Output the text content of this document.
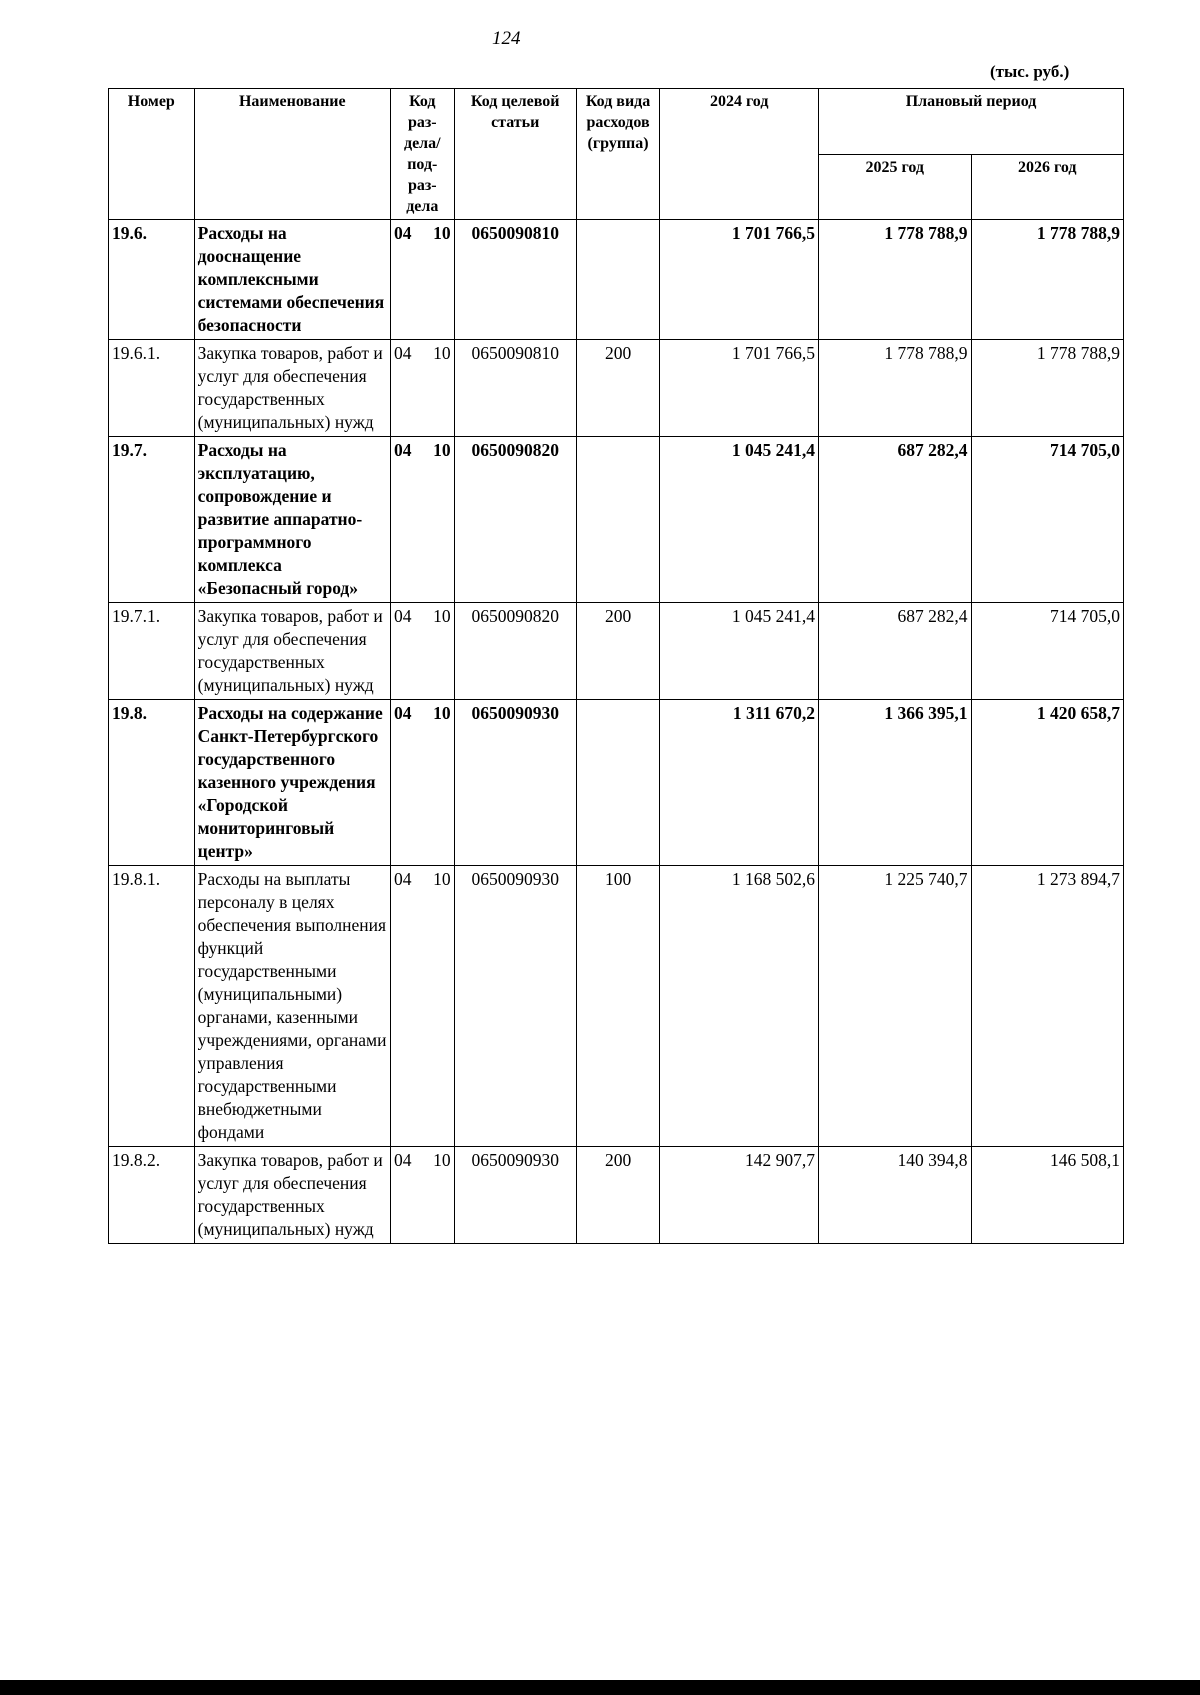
124
(тыс. руб.)
Номер	Наименование	Код раз-дела/ под-раз-дела	Код целевой статьи	Код вида расходов (группа)	2024 год	Плановый период	
						2025 год	2026 год
19.6.	Расходы на дооснащение комплексными системами обеспечения безопасности	04 10	0650090810		1 701 766,5	1 778 788,9	1 778 788,9
19.6.1.	Закупка товаров, работ и услуг для обеспечения государственных (муниципальных) нужд	04 10	0650090810	200	1 701 766,5	1 778 788,9	1 778 788,9
19.7.	Расходы на эксплуатацию, сопровождение и развитие аппаратно-программного комплекса «Безопасный город»	04 10	0650090820		1 045 241,4	687 282,4	714 705,0
19.7.1.	Закупка товаров, работ и услуг для обеспечения государственных (муниципальных) нужд	04 10	0650090820	200	1 045 241,4	687 282,4	714 705,0
19.8.	Расходы на содержание Санкт-Петербургского государственного казенного учреждения «Городской мониторинговый центр»	04 10	0650090930		1 311 670,2	1 366 395,1	1 420 658,7
19.8.1.	Расходы на выплаты персоналу в целях обеспечения выполнения функций государственными (муниципальными) органами, казенными учреждениями, органами управления государственными внебюджетными фондами	04 10	0650090930	100	1 168 502,6	1 225 740,7	1 273 894,7
19.8.2.	Закупка товаров, работ и услуг для обеспечения государственных (муниципальных) нужд	04 10	0650090930	200	142 907,7	140 394,8	146 508,1
